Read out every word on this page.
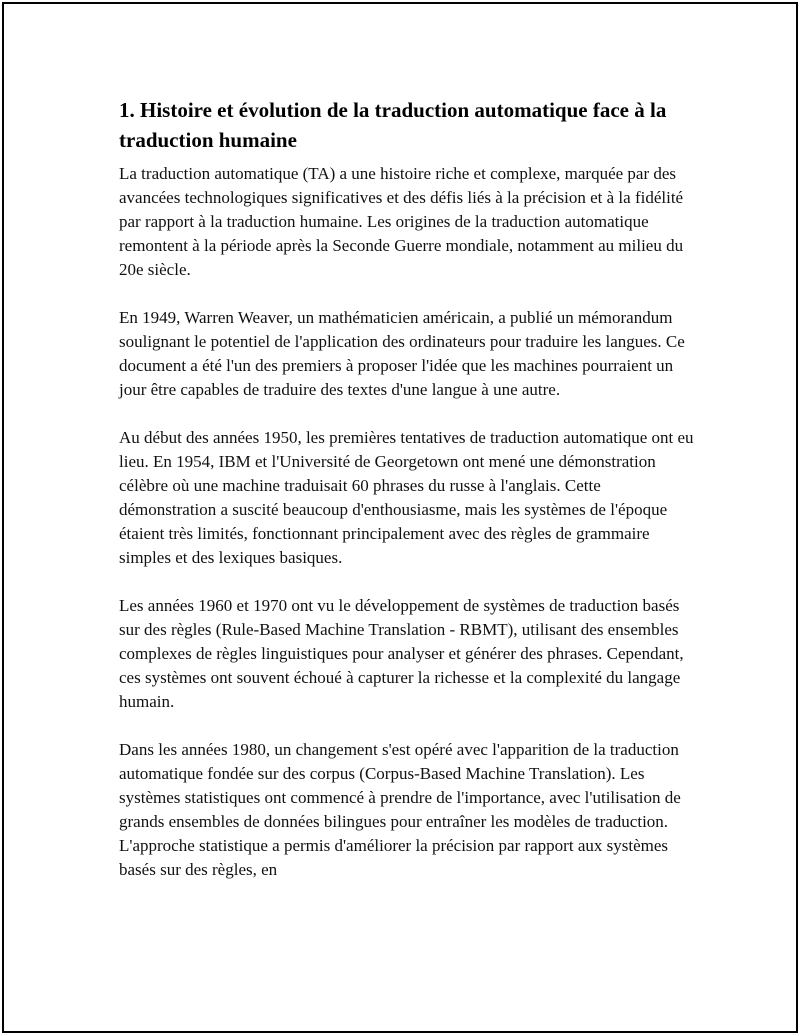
1. Histoire et évolution de la traduction automatique face à la traduction humaine

La traduction automatique (TA) a une histoire riche et complexe, marquée par des avancées technologiques significatives et des défis liés à la précision et à la fidélité par rapport à la traduction humaine. Les origines de la traduction automatique remontent à la période après la Seconde Guerre mondiale, notamment au milieu du 20e siècle.

En 1949, Warren Weaver, un mathématicien américain, a publié un mémorandum soulignant le potentiel de l'application des ordinateurs pour traduire les langues. Ce document a été l'un des premiers à proposer l'idée que les machines pourraient un jour être capables de traduire des textes d'une langue à une autre.

Au début des années 1950, les premières tentatives de traduction automatique ont eu lieu. En 1954, IBM et l'Université de Georgetown ont mené une démonstration célèbre où une machine traduisait 60 phrases du russe à l'anglais. Cette démonstration a suscité beaucoup d'enthousiasme, mais les systèmes de l'époque étaient très limités, fonctionnant principalement avec des règles de grammaire simples et des lexiques basiques.

Les années 1960 et 1970 ont vu le développement de systèmes de traduction basés sur des règles (Rule-Based Machine Translation - RBMT), utilisant des ensembles complexes de règles linguistiques pour analyser et générer des phrases. Cependant, ces systèmes ont souvent échoué à capturer la richesse et la complexité du langage humain.

Dans les années 1980, un changement s'est opéré avec l'apparition de la traduction automatique fondée sur des corpus (Corpus-Based Machine Translation). Les systèmes statistiques ont commencé à prendre de l'importance, avec l'utilisation de grands ensembles de données bilingues pour entraîner les modèles de traduction. L'approche statistique a permis d'améliorer la précision par rapport aux systèmes basés sur des règles, en
